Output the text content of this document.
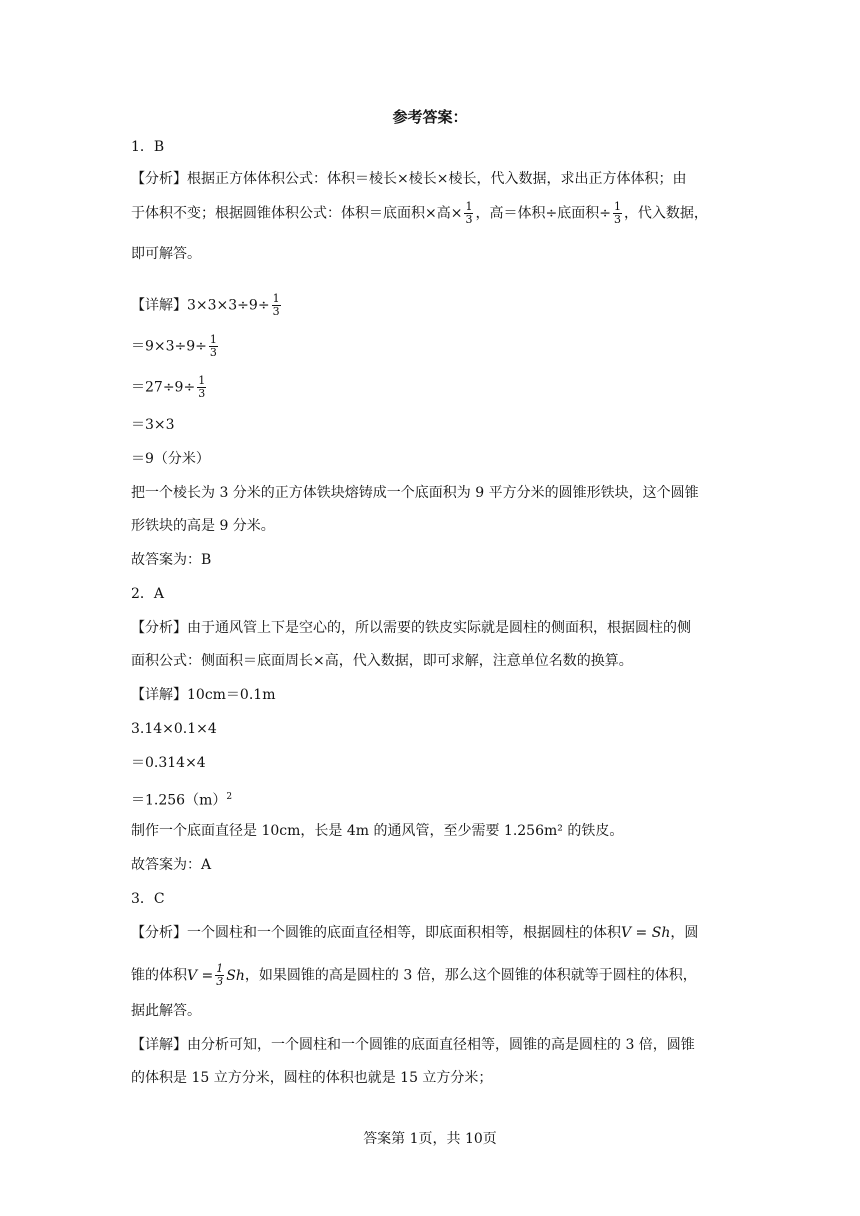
参考答案：
1．B
【分析】根据正方体体积公式：体积＝棱长×棱长×棱长，代入数据，求出正方体体积；由
于体积不变；根据圆锥体积公式：体积＝底面积×高× $\frac{1}{3}$ ，高＝体积÷底面积÷ $\frac{1}{3}$ ，代入数据，
即可解答。
【详解】$3\times 3\times 3\div 9\div \frac{1}{3}$
$=9\times 3\div 9\div \frac{1}{3}$
$=27\div 9\div \frac{1}{3}$
＝3×3
＝9（分米）
把一个棱长为 3 分米的正方体铁块熔铸成一个底面积为 9 平方分米的圆锥形铁块，这个圆锥
形铁块的高是 9 分米。
故答案为：B
2．A
【分析】由于通风管上下是空心的，所以需要的铁皮实际就是圆柱的侧面积，根据圆柱的侧
面积公式：侧面积＝底面周长×高，代入数据，即可求解，注意单位名数的换算。
【详解】10cm＝0.1m
3.14×0.1×4
＝0.314×4
$=1.256(m)^2$
制作一个底面直径是 10cm，长是 4m 的通风管，至少需要 1.256m² 的铁皮。
故答案为：A
3．C
【分析】一个圆柱和一个圆锥的底面直径相等，即底面积相等，根据圆柱的体积V = Sh，圆
锥的体积$V = \frac{1}{3}$ Sh，如果圆锥的高是圆柱的 3 倍，那么这个圆锥的体积就等于圆柱的体积，
据此解答。
【详解】由分析可知，一个圆柱和一个圆锥的底面直径相等，圆锥的高是圆柱的 3 倍，圆锥
的体积是 15 立方分米，圆柱的体积也就是 15 立方分米；
答案第 1页，共 10页
